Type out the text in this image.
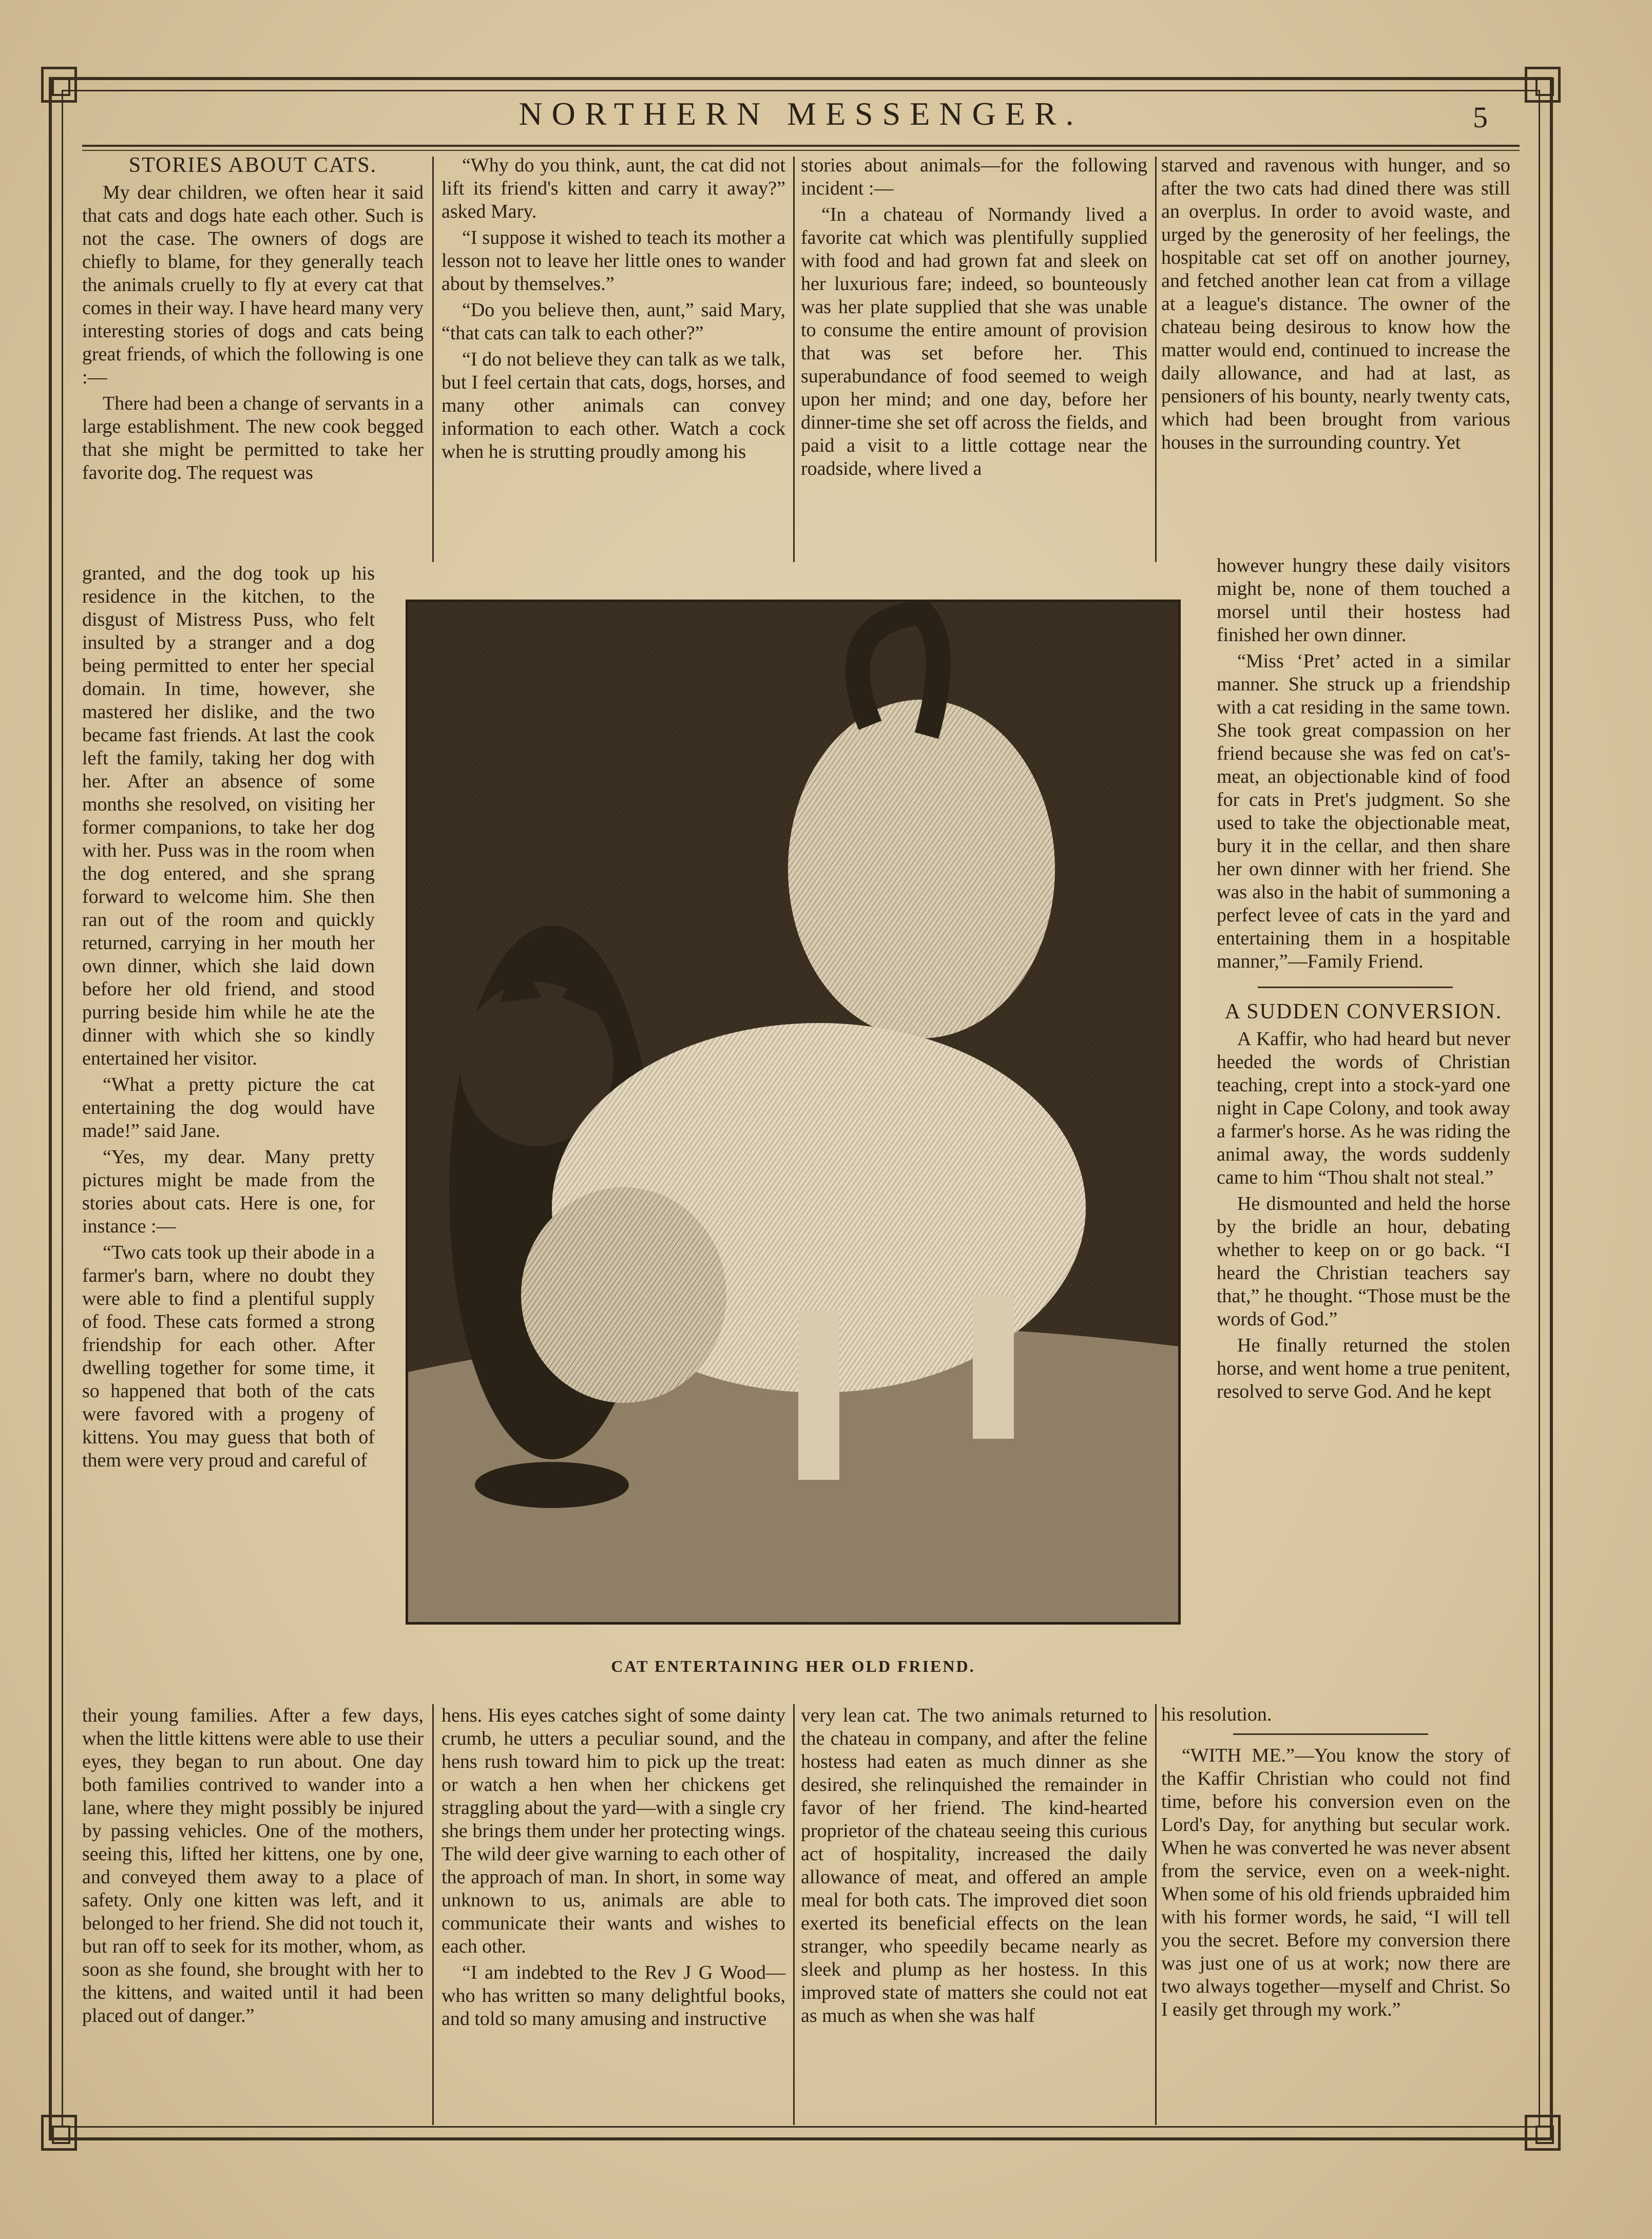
NORTHERN MESSENGER.	5
STORIES ABOUT CATS.

My dear children, we often hear it said that cats and dogs hate each other. Such is not the case. The owners of dogs are chiefly to blame, for they generally teach the animals cruelly to fly at every cat that comes in their way. I have heard many very interesting stories of dogs and cats being great friends, of which the following is one :—

There had been a change of servants in a large establishment. The new cook begged that she might be permitted to take her favorite dog. The request was

granted, and the dog took up his residence in the kitchen, to the disgust of Mistress Puss, who felt insulted by a stranger and a dog being permitted to enter her special domain. In time, however, she mastered her dislike, and the two became fast friends. At last the cook left the family, taking her dog with her. After an absence of some months she resolved, on visiting her former companions, to take her dog with her. Puss was in the room when the dog entered, and she sprang forward to welcome him. She then ran out of the room and quickly returned, carrying in her mouth her own dinner, which she laid down before her old friend, and stood purring beside him while he ate the dinner with which she so kindly entertained her visitor.

“What a pretty picture the cat entertaining the dog would have made!” said Jane.

“Yes, my dear. Many pretty pictures might be made from the stories about cats. Here is one, for instance :—

“Two cats took up their abode in a farmer's barn, where no doubt they were able to find a plentiful supply of food. These cats formed a strong friendship for each other. After dwelling together for some time, it so happened that both of the cats were favored with a progeny of kittens. You may guess that both of them were very proud and careful of

their young families. After a few days, when the little kittens were able to use their eyes, they began to run about. One day both families contrived to wander into a lane, where they might possibly be injured by passing vehicles. One of the mothers, seeing this, lifted her kittens, one by one, and conveyed them away to a place of safety. Only one kitten was left, and it belonged to her friend. She did not touch it, but ran off to seek for its mother, whom, as soon as she found, she brought with her to the kittens, and waited until it had been placed out of danger.”

“Why do you think, aunt, the cat did not lift its friend's kitten and carry it away?” asked Mary.

“I suppose it wished to teach its mother a lesson not to leave her little ones to wander about by themselves.”

“Do you believe then, aunt,” said Mary, “that cats can talk to each other?”

“I do not believe they can talk as we talk, but I feel certain that cats, dogs, horses, and many other animals can convey information to each other. Watch a cock when he is strutting proudly among his

hens. His eyes catches sight of some dainty crumb, he utters a peculiar sound, and the hens rush toward him to pick up the treat: or watch a hen when her chickens get straggling about the yard—with a single cry she brings them under her protecting wings. The wild deer give warning to each other of the approach of man. In short, in some way unknown to us, animals are able to communicate their wants and wishes to each other.

“I am indebted to the Rev J G Wood—who has written so many delightful books, and told so many amusing and instructive

stories about animals—for the following incident :—

“In a chateau of Normandy lived a favorite cat which was plentifully supplied with food and had grown fat and sleek on her luxurious fare; indeed, so bounteously was her plate supplied that she was unable to consume the entire amount of provision that was set before her. This superabundance of food seemed to weigh upon her mind; and one day, before her dinner-time she set off across the fields, and paid a visit to a little cottage near the roadside, where lived a

very lean cat. The two animals returned to the chateau in company, and after the feline hostess had eaten as much dinner as she desired, she relinquished the remainder in favor of her friend. The kind-hearted proprietor of the chateau seeing this curious act of hospitality, increased the daily allowance of meat, and offered an ample meal for both cats. The improved diet soon exerted its beneficial effects on the lean stranger, who speedily became nearly as sleek and plump as her hostess. In this improved state of matters she could not eat as much as when she was half

starved and ravenous with hunger, and so after the two cats had dined there was still an overplus. In order to avoid waste, and urged by the generosity of her feelings, the hospitable cat set off on another journey, and fetched another lean cat from a village at a league's distance. The owner of the chateau being desirous to know how the matter would end, continued to increase the daily allowance, and had at last, as pensioners of his bounty, nearly twenty cats, which had been brought from various houses in the surrounding country. Yet

however hungry these daily visitors might be, none of them touched a morsel until their hostess had finished her own dinner.

“Miss ‘Pret’ acted in a similar manner. She struck up a friendship with a cat residing in the same town. She took great compassion on her friend because she was fed on cat's-meat, an objectionable kind of food for cats in Pret's judgment. So she used to take the objectionable meat, bury it in the cellar, and then share her own dinner with her friend. She was also in the habit of summoning a perfect levee of cats in the yard and entertaining them in a hospitable manner,”—Family Friend.

A SUDDEN CONVERSION.

A Kaffir, who had heard but never heeded the words of Christian teaching, crept into a stock-yard one night in Cape Colony, and took away a farmer's horse. As he was riding the animal away, the words suddenly came to him “Thou shalt not steal.”

He dismounted and held the horse by the bridle an hour, debating whether to keep on or go back. “I heard the Christian teachers say that,” he thought. “Those must be the words of God.”

He finally returned the stolen horse, and went home a true penitent, resolved to serve God. And he kept

his resolution.

“WITH ME.”—You know the story of the Kaffir Christian who could not find time, before his conversion even on the Lord's Day, for anything but secular work. When he was converted he was never absent from the service, even on a week-night. When some of his old friends upbraided him with his former words, he said, “I will tell you the secret. Before my conversion there was just one of us at work; now there are two always together—myself and Christ. So I easily get through my work.”

CAT ENTERTAINING HER OLD FRIEND.
